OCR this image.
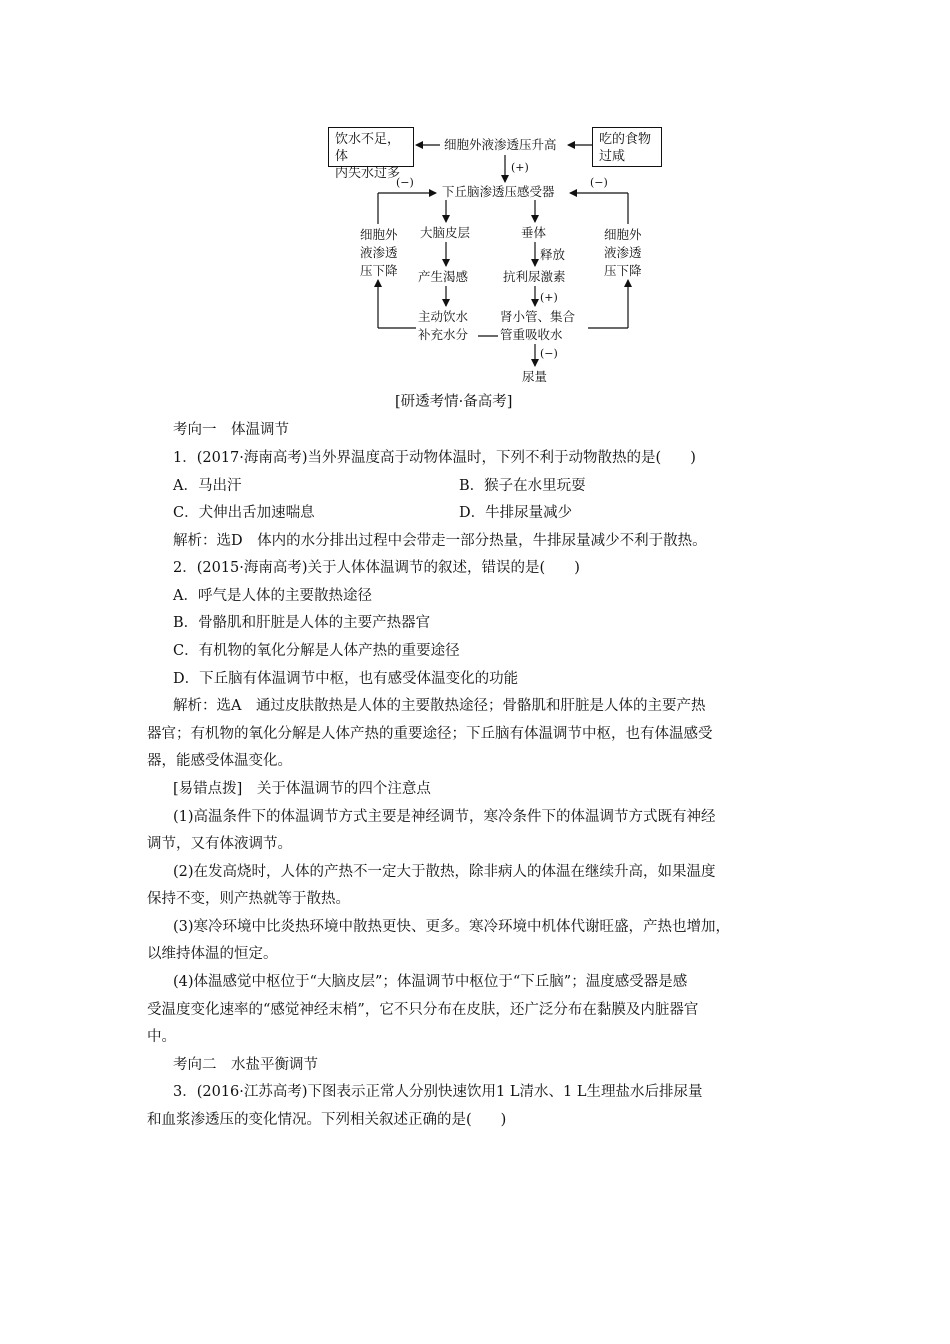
饮水不足，体
内失水过多
吃的食物
过咸
细胞外液渗透压升高
(+)
(−)	(−)
下丘脑渗透压感受器
细胞外
液渗透
压下降
细胞外
液渗透
压下降
大脑皮层	垂体
释放
产生渴感	抗利尿激素
(+)
主动饮水
补充水分
肾小管、集合
管重吸收水
(−)
尿量
[研透考情·备高考]
考向一　体温调节
1．(2017·海南高考)当外界温度高于动物体温时，下列不利于动物散热的是(　　)
A．马出汗	B．猴子在水里玩耍
C．犬伸出舌加速喘息	D．牛排尿量减少
解析：选D　体内的水分排出过程中会带走一部分热量，牛排尿量减少不利于散热。
2．(2015·海南高考)关于人体体温调节的叙述，错误的是(　　)
A．呼气是人体的主要散热途径
B．骨骼肌和肝脏是人体的主要产热器官
C．有机物的氧化分解是人体产热的重要途径
D．下丘脑有体温调节中枢，也有感受体温变化的功能
解析：选A　通过皮肤散热是人体的主要散热途径；骨骼肌和肝脏是人体的主要产热
器官；有机物的氧化分解是人体产热的重要途径；下丘脑有体温调节中枢，也有体温感受
器，能感受体温变化。
[易错点拨]　关于体温调节的四个注意点
(1)高温条件下的体温调节方式主要是神经调节，寒冷条件下的体温调节方式既有神经
调节，又有体液调节。
(2)在发高烧时，人体的产热不一定大于散热，除非病人的体温在继续升高，如果温度
保持不变，则产热就等于散热。
(3)寒冷环境中比炎热环境中散热更快、更多。寒冷环境中机体代谢旺盛，产热也增加，
以维持体温的恒定。
(4)体温感觉中枢位于“大脑皮层”；体温调节中枢位于“下丘脑”；温度感受器是感
受温度变化速率的“感觉神经末梢”，它不只分布在皮肤，还广泛分布在黏膜及内脏器官
中。
考向二　水盐平衡调节
3．(2016·江苏高考)下图表示正常人分别快速饮用1 L清水、1 L生理盐水后排尿量
和血浆渗透压的变化情况。下列相关叙述正确的是(　　)
